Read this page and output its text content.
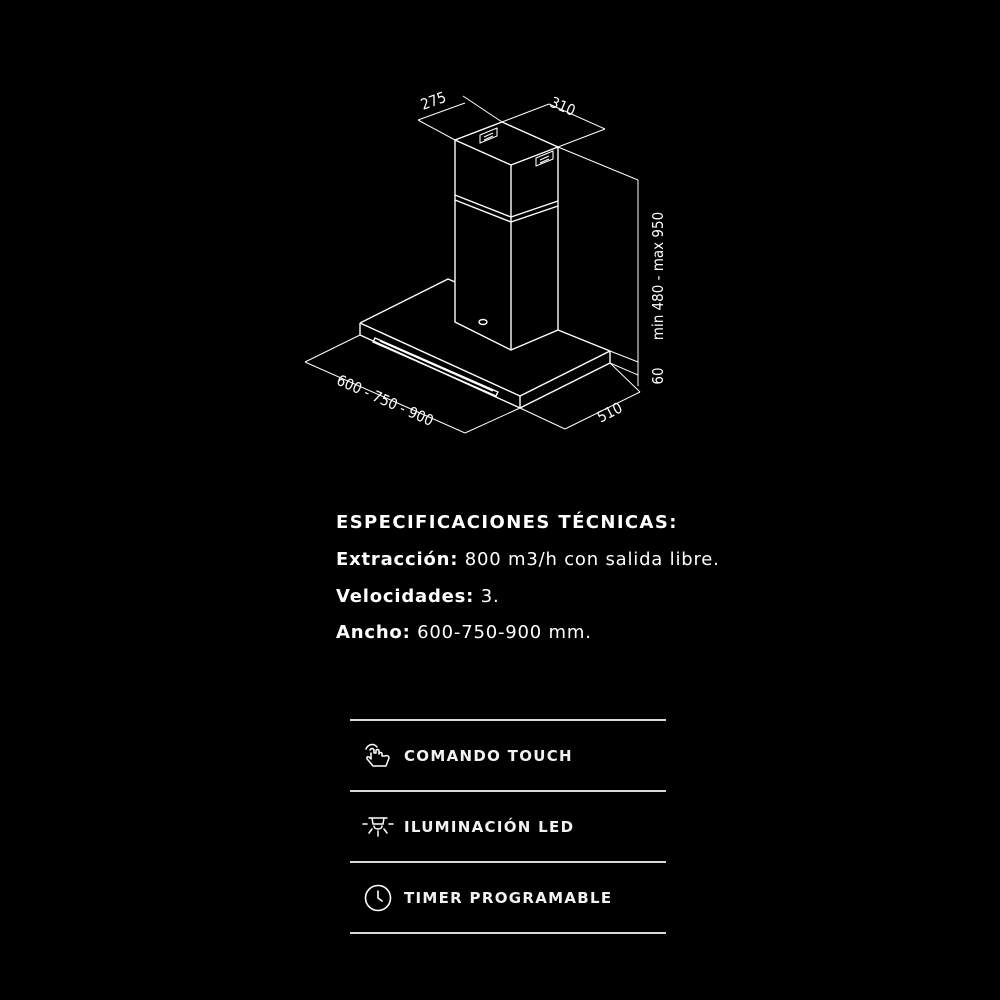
275	310
min 480 - max 950
60
600 - 750 - 900	510
ESPECIFICACIONES TÉCNICAS:
Extracción: 800 m3/h con salida libre.
Velocidades: 3.
Ancho: 600-750-900 mm.
COMANDO TOUCH
ILUMINACIÓN LED
TIMER PROGRAMABLE
